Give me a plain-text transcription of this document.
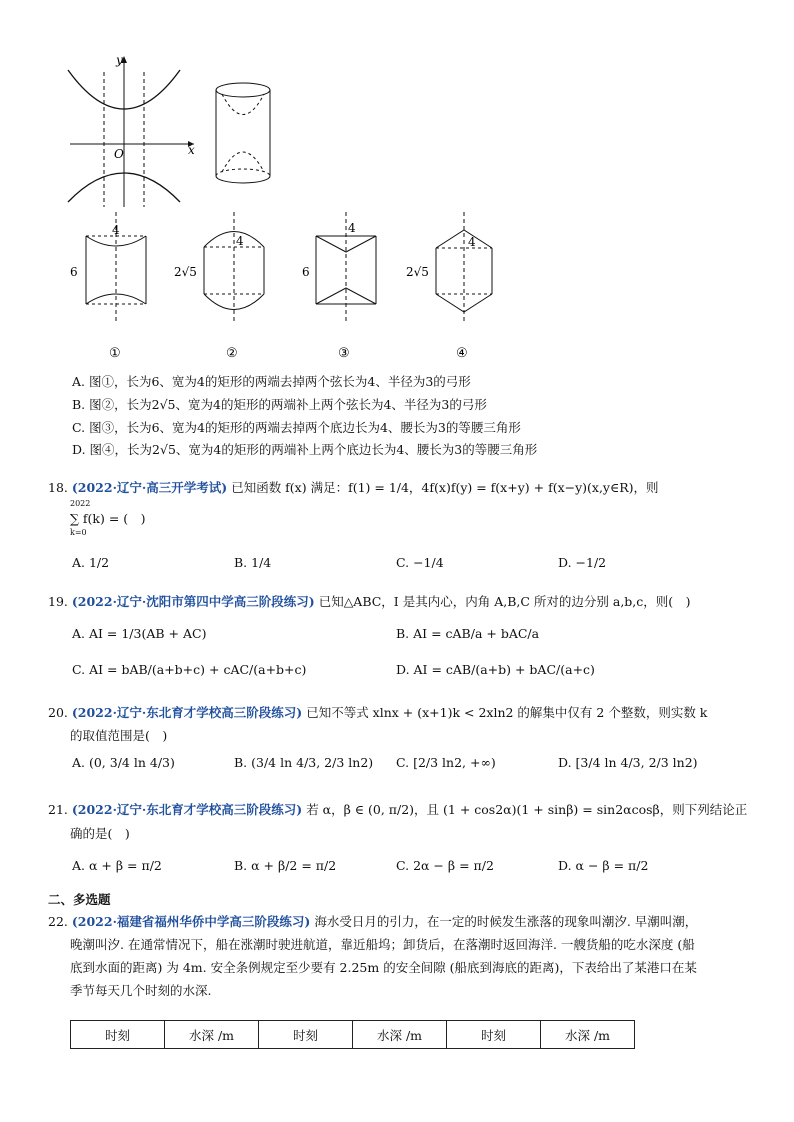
y
x
O
4
6
①
4
2√5
②
4
6
③
4
2√5
④
A. 图①，长为6、宽为4的矩形的两端去掉两个弦长为4、半径为3的弓形
B. 图②，长为2√5、宽为4的矩形的两端补上两个弦长为4、半径为3的弓形
C. 图③，长为6、宽为4的矩形的两端去掉两个底边长为4、腰长为3的等腰三角形
D. 图④，长为2√5、宽为4的矩形的两端补上两个底边长为4、腰长为3的等腰三角形
18. (2022·辽宁·高三开学考试) 已知函数 f(x) 满足：f(1) = 1/4，4f(x)f(y) = f(x+y) + f(x−y)(x,y∈R)，则
2022
∑ f(k) = (　)
k=0
A. 1/2	B. 1/4	C. −1/4	D. −1/2
19. (2022·辽宁·沈阳市第四中学高三阶段练习) 已知△ABC，I 是其内心，内角 A,B,C 所对的边分别 a,b,c，则(　)
A. AI = 1/3(AB + AC)	B. AI = cAB/a + bAC/a
C. AI = bAB/(a+b+c) + cAC/(a+b+c)	D. AI = cAB/(a+b) + bAC/(a+c)
20. (2022·辽宁·东北育才学校高三阶段练习) 已知不等式 xlnx + (x+1)k < 2xln2 的解集中仅有 2 个整数，则实数 k
的取值范围是(　)
A. (0, 3/4 ln 4/3)	B. (3/4 ln 4/3, 2/3 ln2) C. [2/3 ln2, +∞)	D. [3/4 ln 4/3, 2/3 ln2)
21. (2022·辽宁·东北育才学校高三阶段练习) 若 α，β ∈ (0, π/2)，且 (1 + cos2α)(1 + sinβ) = sin2αcosβ，则下列结论正
确的是(　)
A. α + β = π/2	B. α + β/2 = π/2	C. 2α − β = π/2	D. α − β = π/2
二、多选题
22. (2022·福建省福州华侨中学高三阶段练习) 海水受日月的引力，在一定的时候发生涨落的现象叫潮汐. 早潮叫潮，
晚潮叫汐. 在通常情况下，船在涨潮时驶进航道，靠近船坞；卸货后，在落潮时返回海洋. 一艘货船的吃水深度 (船
底到水面的距离) 为 4m. 安全条例规定至少要有 2.25m 的安全间隙 (船底到海底的距离)，下表给出了某港口在某
季节每天几个时刻的水深.
时刻	水深 /m	时刻	水深 /m	时刻	水深 /m
